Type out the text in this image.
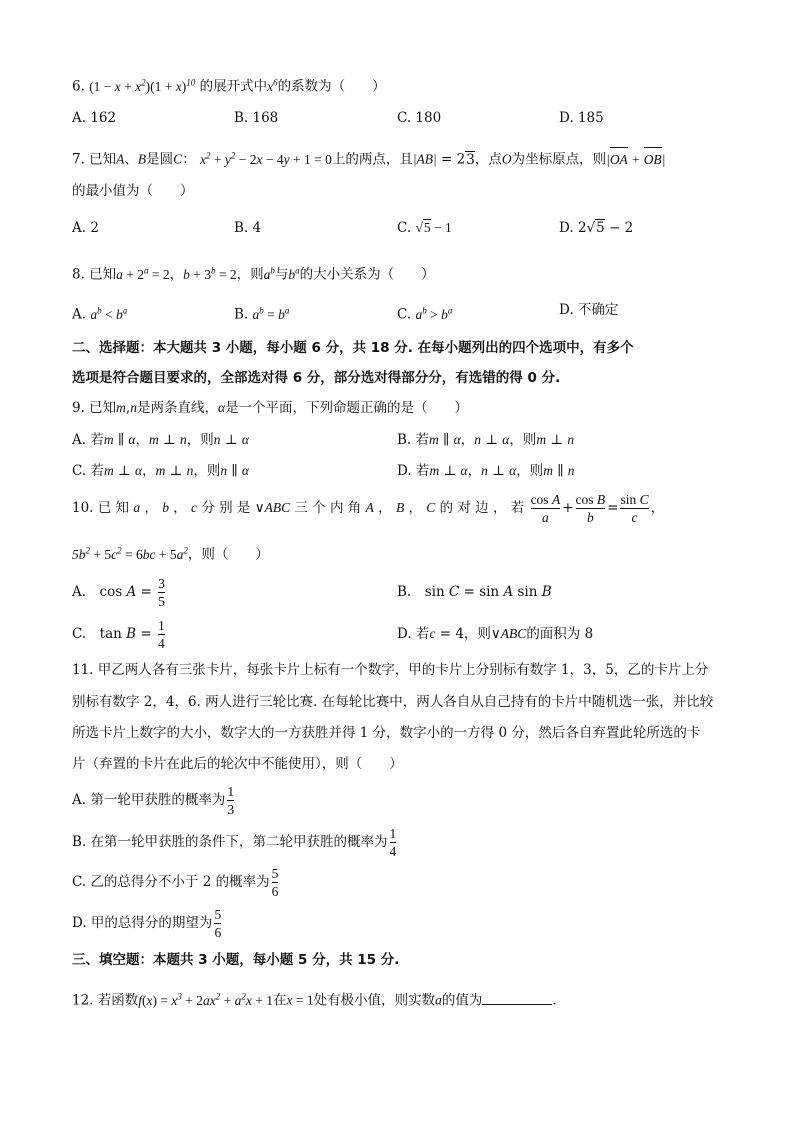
6. $(1 - x + x^2)(1 + x)^{10}$ 的展开式中$x^6$的系数为（　　）
A. 162	B. 168	C. 180	D. 185
7. 已知A、B是圆C： $x^2 + y^2 - 2x - 4y + 1 = 0$上的两点，且|AB| = 23，点O为坐标原点，则|OA + OB|
的最小值为（　　）
A. 2	B. 4	C. √5 − 1	D. 2√5 − 2
8. 已知$a + 2^a = 2$，$b + 3^b = 2$，则$a^b$与$b^a$的大小关系为（　　）
A. $a^b < b^a$	B. $a^b = b^a$	C. $a^b > b^a$	D. 不确定
二、选择题：本大题共 3 小题，每小题 6 分，共 18 分. 在每小题列出的四个选项中，有多个
选项是符合题目要求的，全部选对得 6 分，部分选对得部分分，有选错的得 0 分.
9. 已知m,n是两条直线，α是一个平面，下列命题正确的是（　　）
A. 若m ∥ α，m ⊥ n，则n ⊥ α	B. 若m ∥ α，n ⊥ α，则m ⊥ n
C. 若m ⊥ α，m ⊥ n，则n ∥ α	D. 若m ⊥ α，n ⊥ α，则m ∥ n
10. 已 知 a ， b ， c 分 别 是 ∨ABC 三 个 内 角 A ， B ， C 的 对 边 ， 若 $\frac{\text{cos A}}{a} + \frac{\text{cos B}}{b} = \frac{\text{sin C}}{c}$ ，
$5b^2 + 5c^2 = 6bc + 5a^2$，则（　　）
A.　$\cos A = \frac{3}{5}$	B.　sin C = sin A sin B
C.　$\tan B = \frac{1}{4}$	D. 若c = 4，则∨ABC的面积为 8
11. 甲乙两人各有三张卡片，每张卡片上标有一个数字，甲的卡片上分别标有数字 1，3，5，乙的卡片上分
别标有数字 2，4，6. 两人进行三轮比赛. 在每轮比赛中，两人各自从自己持有的卡片中随机选一张，并比较
所选卡片上数字的大小，数字大的一方获胜并得 1 分，数字小的一方得 0 分，然后各自弃置此轮所选的卡
片（弃置的卡片在此后的轮次中不能使用），则（　　）
A. 第一轮甲获胜的概率为 $\frac{1}{3}$
B. 在第一轮甲获胜的条件下，第二轮甲获胜的概率为 $\frac{1}{4}$
C. 乙的总得分不小于 2 的概率为 $\frac{5}{6}$
D. 甲的总得分的期望为 $\frac{5}{6}$
三、填空题：本题共 3 小题，每小题 5 分，共 15 分.
12. 若函数$f(x) = x^3 + 2ax^2 + a^2x + 1$在x = 1处有极小值，则实数a的值为	.
